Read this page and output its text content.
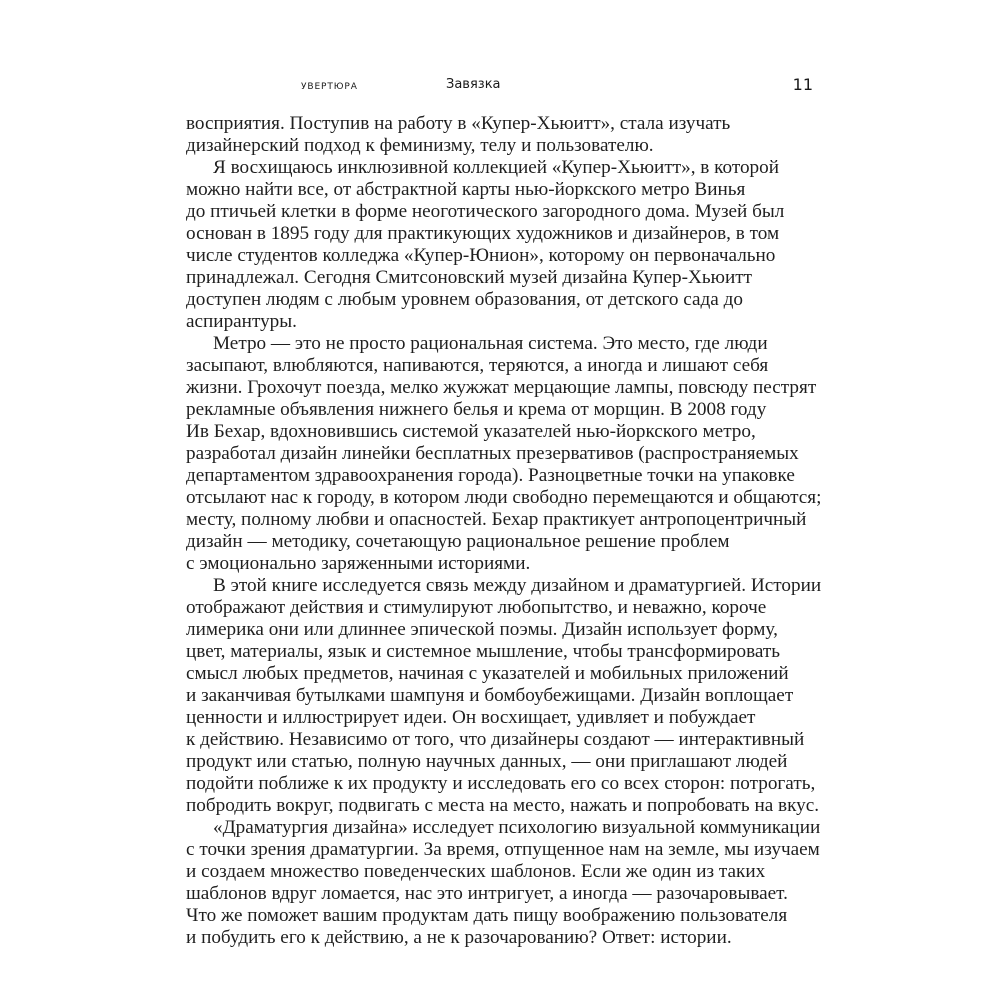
УВЕРТЮРА	Завязка	11
восприятия. Поступив на работу в «Купер-Хьюитт», стала изучать
дизайнерский подход к феминизму, телу и пользователю.
Я восхищаюсь инклюзивной коллекцией «Купер-Хьюитт», в которой
можно найти все, от абстрактной карты нью-йоркского метро Винья
до птичьей клетки в форме неоготического загородного дома. Музей был
основан в 1895 году для практикующих художников и дизайнеров, в том
числе студентов колледжа «Купер-Юнион», которому он первоначально
принадлежал. Сегодня Смитсоновский музей дизайна Купер-Хьюитт
доступен людям с любым уровнем образования, от детского сада до
аспирантуры.
Метро — это не просто рациональная система. Это место, где люди
засыпают, влюбляются, напиваются, теряются, а иногда и лишают себя
жизни. Грохочут поезда, мелко жужжат мерцающие лампы, повсюду пестрят
рекламные объявления нижнего белья и крема от морщин. В 2008 году
Ив Бехар, вдохновившись системой указателей нью-йоркского метро,
разработал дизайн линейки бесплатных презервативов (распространяемых
департаментом здравоохранения города). Разноцветные точки на упаковке
отсылают нас к городу, в котором люди свободно перемещаются и общаются;
месту, полному любви и опасностей. Бехар практикует антропоцентричный
дизайн — методику, сочетающую рациональное решение проблем
с эмоционально заряженными историями.
В этой книге исследуется связь между дизайном и драматургией. Истории
отображают действия и стимулируют любопытство, и неважно, короче
лимерика они или длиннее эпической поэмы. Дизайн использует форму,
цвет, материалы, язык и системное мышление, чтобы трансформировать
смысл любых предметов, начиная с указателей и мобильных приложений
и заканчивая бутылками шампуня и бомбоубежищами. Дизайн воплощает
ценности и иллюстрирует идеи. Он восхищает, удивляет и побуждает
к действию. Независимо от того, что дизайнеры создают — интерактивный
продукт или статью, полную научных данных, — они приглашают людей
подойти поближе к их продукту и исследовать его со всех сторон: потрогать,
побродить вокруг, подвигать с места на место, нажать и попробовать на вкус.
«Драматургия дизайна» исследует психологию визуальной коммуникации
с точки зрения драматургии. За время, отпущенное нам на земле, мы изучаем
и создаем множество поведенческих шаблонов. Если же один из таких
шаблонов вдруг ломается, нас это интригует, а иногда — разочаровывает.
Что же поможет вашим продуктам дать пищу воображению пользователя
и побудить его к действию, а не к разочарованию? Ответ: истории.
